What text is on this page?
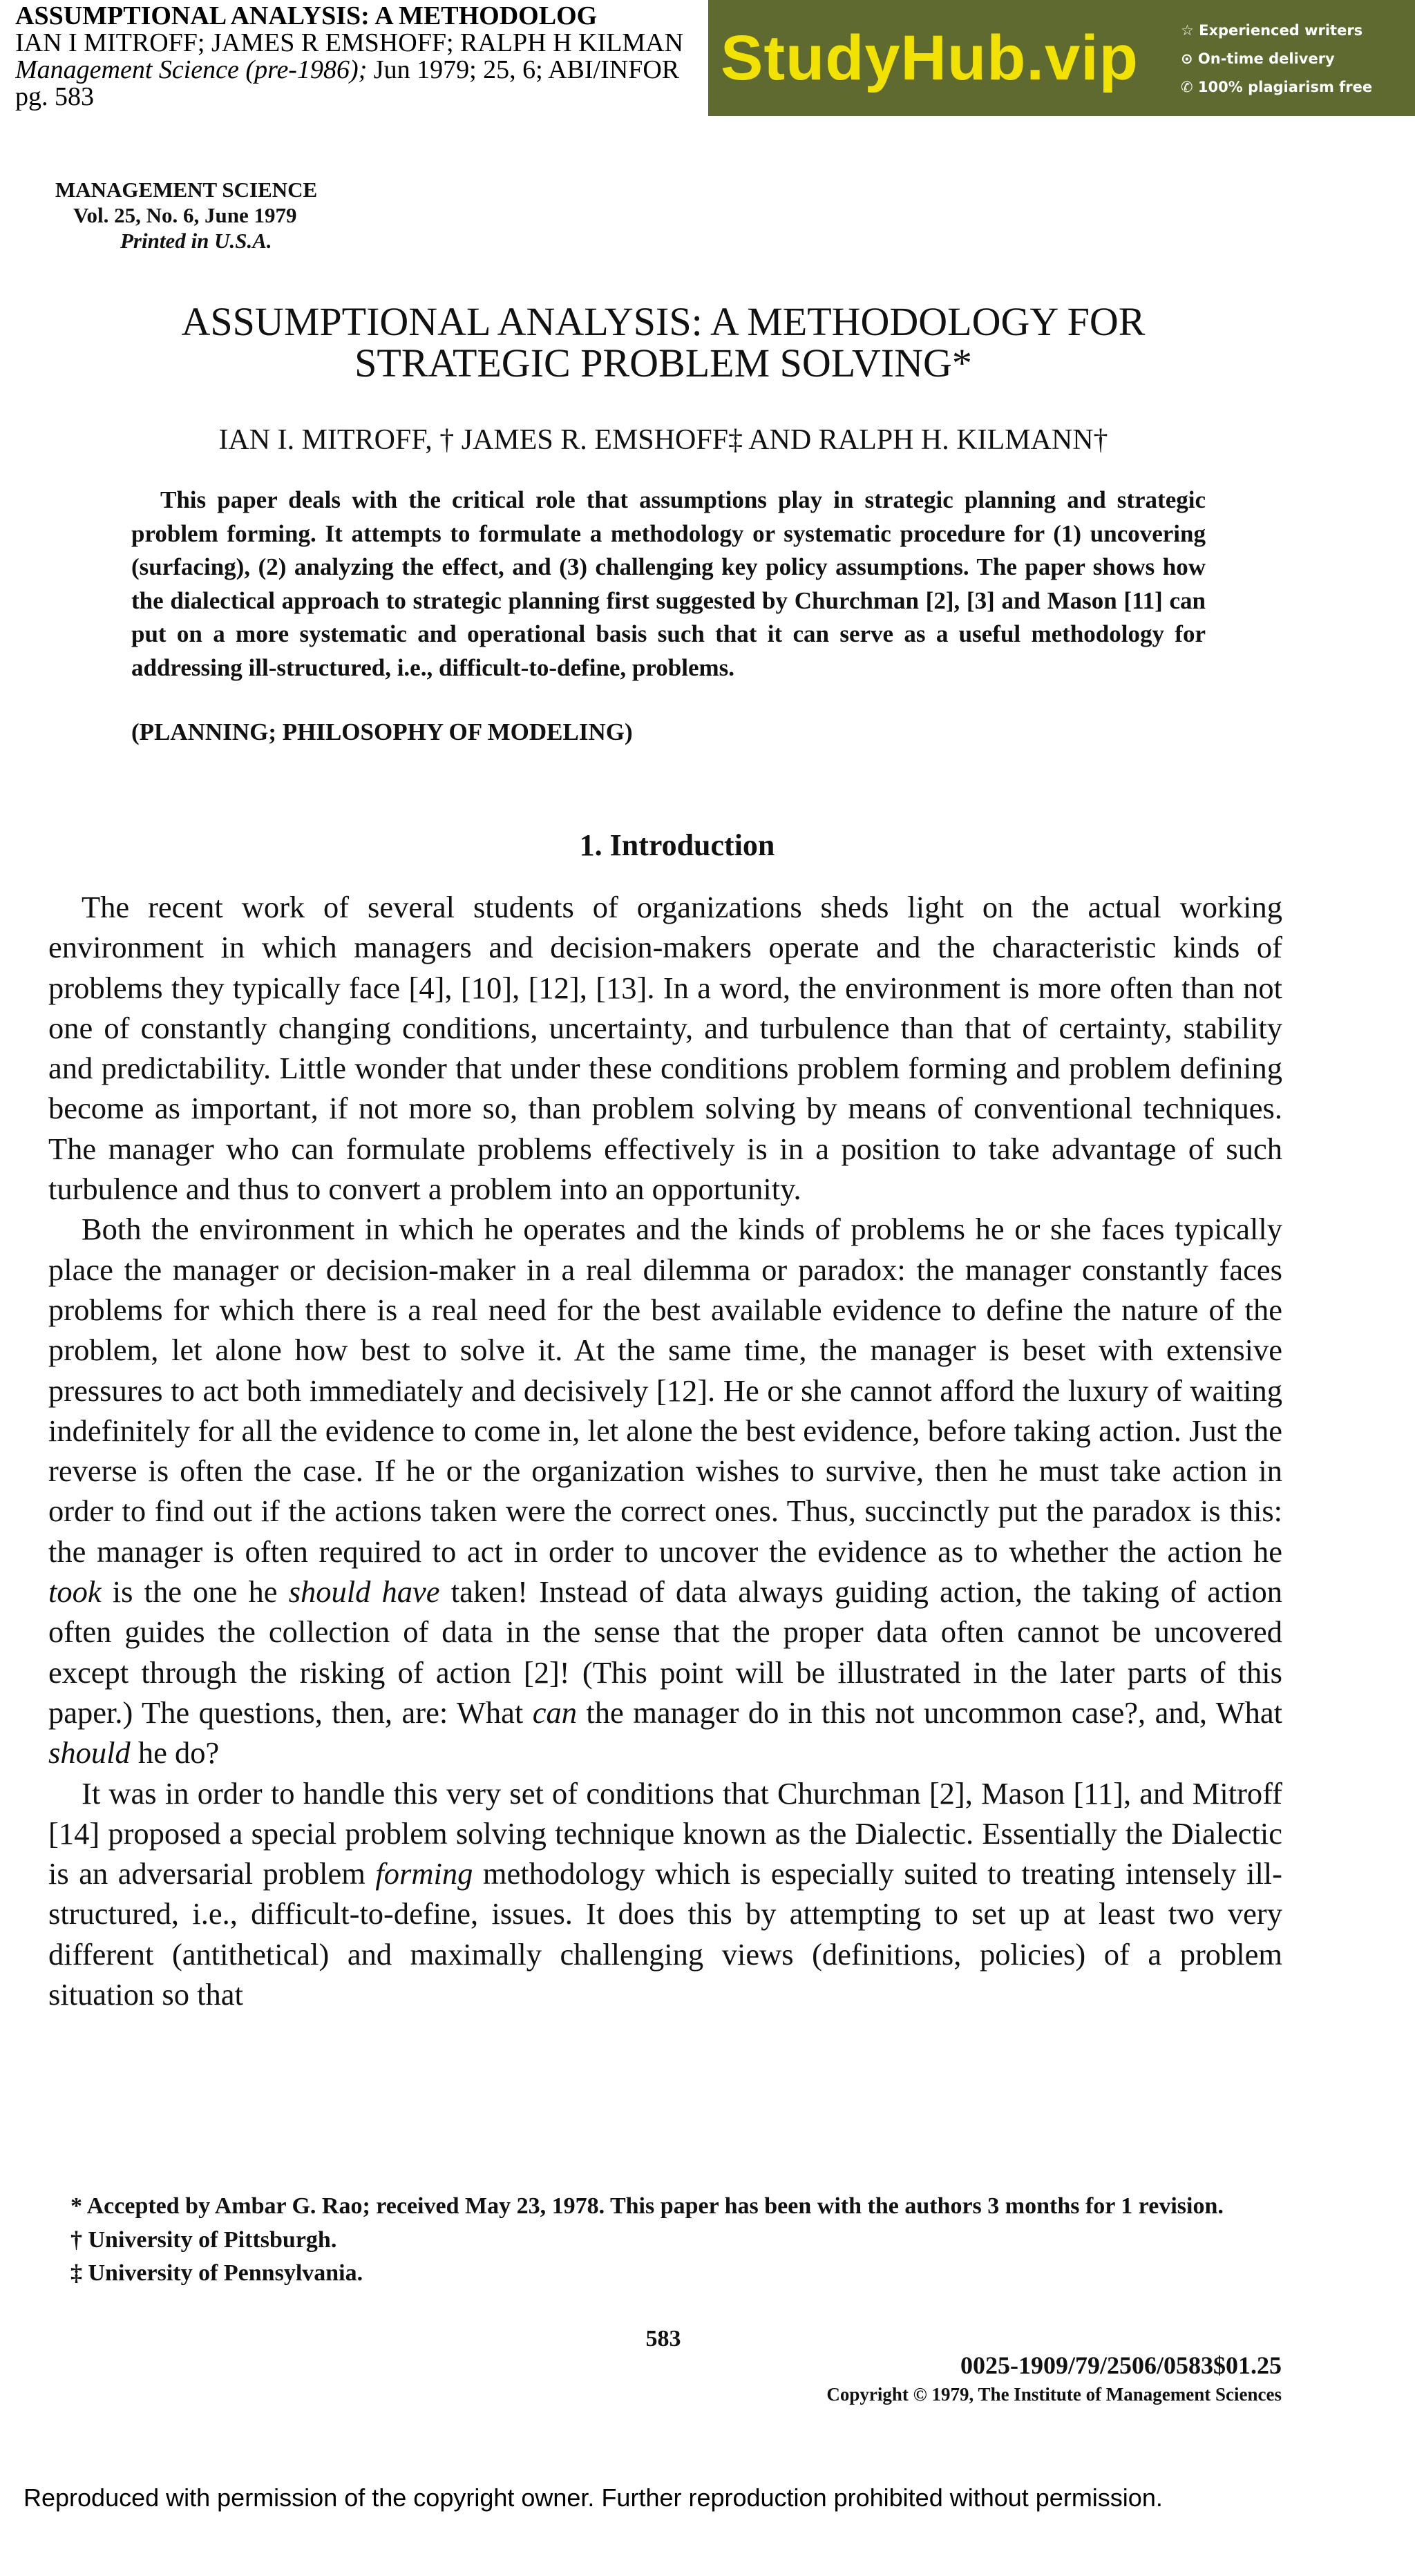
ASSUMPTIONAL ANALYSIS: A METHODOLOG
IAN I MITROFF; JAMES R EMSHOFF; RALPH H KILMAN
Management Science (pre-1986); Jun 1979; 25, 6; ABI/INFOR
pg. 583
StudyHub.vip	☆ Experienced writers
⊙ On-time delivery
✆ 100% plagiarism free
MANAGEMENT SCIENCE
Vol. 25, No. 6, June 1979
Printed in U.S.A.
ASSUMPTIONAL ANALYSIS: A METHODOLOGY FOR
STRATEGIC PROBLEM SOLVING*
IAN I. MITROFF, † JAMES R. EMSHOFF‡ AND RALPH H. KILMANN†
This paper deals with the critical role that assumptions play in strategic planning and strategic problem forming. It attempts to formulate a methodology or systematic procedure for (1) uncovering (surfacing), (2) analyzing the effect, and (3) challenging key policy assumptions. The paper shows how the dialectical approach to strategic planning first suggested by Churchman [2], [3] and Mason [11] can put on a more systematic and operational basis such that it can serve as a useful methodology for addressing ill-structured, i.e., difficult-to-define, problems.
(PLANNING; PHILOSOPHY OF MODELING)
1. Introduction

The recent work of several students of organizations sheds light on the actual working environment in which managers and decision-makers operate and the characteristic kinds of problems they typically face [4], [10], [12], [13]. In a word, the environment is more often than not one of constantly changing conditions, uncertainty, and turbulence than that of certainty, stability and predictability. Little wonder that under these conditions problem forming and problem defining become as important, if not more so, than problem solving by means of conventional techniques. The manager who can formulate problems effectively is in a position to take advantage of such turbulence and thus to convert a problem into an opportunity.

Both the environment in which he operates and the kinds of problems he or she faces typically place the manager or decision-maker in a real dilemma or paradox: the manager constantly faces problems for which there is a real need for the best available evidence to define the nature of the problem, let alone how best to solve it. At the same time, the manager is beset with extensive pressures to act both immediately and decisively [12]. He or she cannot afford the luxury of waiting indefinitely for all the evidence to come in, let alone the best evidence, before taking action. Just the reverse is often the case. If he or the organization wishes to survive, then he must take action in order to find out if the actions taken were the correct ones. Thus, succinctly put the paradox is this: the manager is often required to act in order to uncover the evidence as to whether the action he took is the one he should have taken! Instead of data always guiding action, the taking of action often guides the collection of data in the sense that the proper data often cannot be uncovered except through the risking of action [2]! (This point will be illustrated in the later parts of this paper.) The questions, then, are: What can the manager do in this not uncommon case?, and, What should he do?

It was in order to handle this very set of conditions that Churchman [2], Mason [11], and Mitroff [14] proposed a special problem solving technique known as the Dialectic. Essentially the Dialectic is an adversarial problem forming methodology which is especially suited to treating intensely ill-structured, i.e., difficult-to-define, issues. It does this by attempting to set up at least two very different (antithetical) and maximally challenging views (definitions, policies) of a problem situation so that

* Accepted by Ambar G. Rao; received May 23, 1978. This paper has been with the authors 3 months for 1 revision.

† University of Pittsburgh.

‡ University of Pennsylvania.

583
0025-1909/79/2506/0583$01.25
Copyright © 1979, The Institute of Management Sciences
Reproduced with permission of the copyright owner. Further reproduction prohibited without permission.
